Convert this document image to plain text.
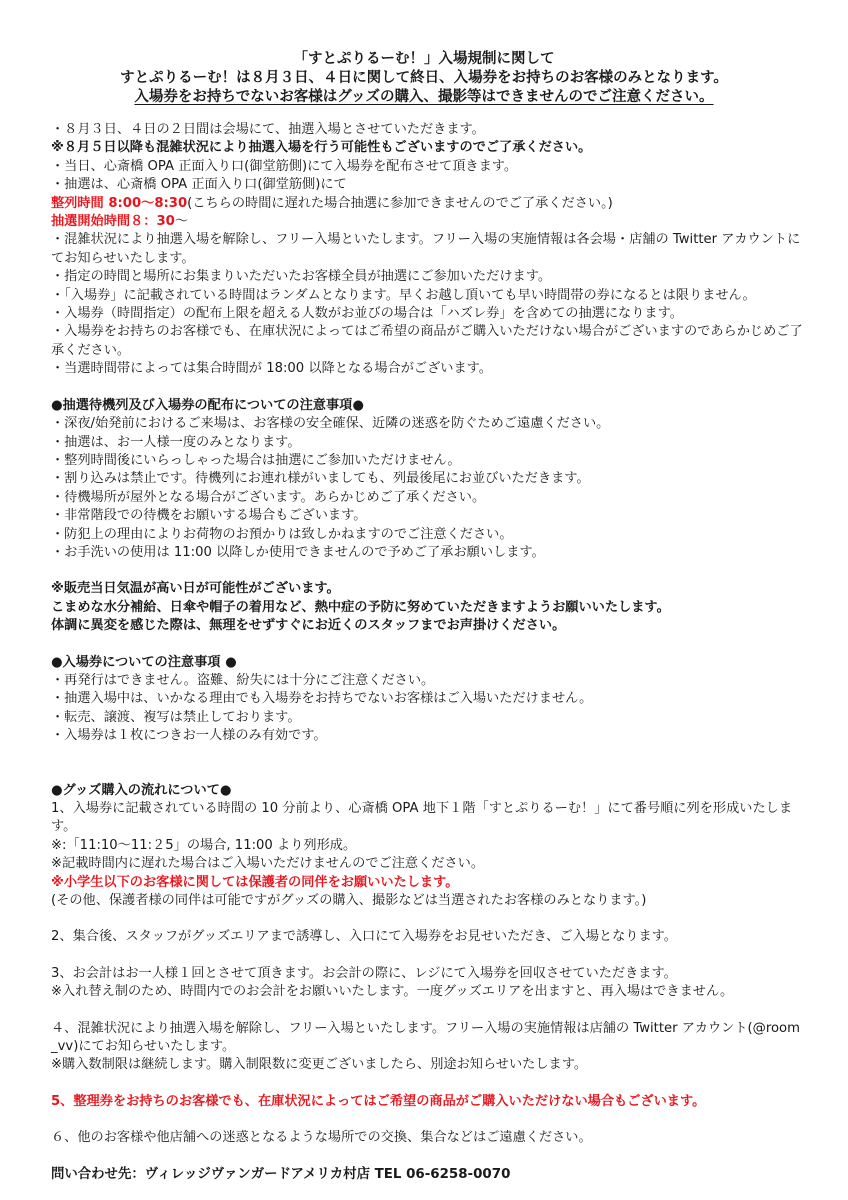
「すとぷりるーむ！」入場規制に関して
すとぷりるーむ！は８月３日、４日に関して終日、入場券をお持ちのお客様のみとなります。
入場券をお持ちでないお客様はグッズの購入、撮影等はできませんのでご注意ください。
・８月３日、４日の２日間は会場にて、抽選入場とさせていただきます。
※８月５日以降も混雑状況により抽選入場を行う可能性もございますのでご了承ください。
・当日、心斎橋 OPA 正面入り口(御堂筋側)にて入場券を配布させて頂きます。
・抽選は、心斎橋 OPA 正面入り口(御堂筋側)にて
整列時間 8:00〜8:30(こちらの時間に遅れた場合抽選に参加できませんのでご了承ください。)
抽選開始時間８：30〜
・混雑状況により抽選入場を解除し、フリー入場といたします。フリー入場の実施情報は各会場・店舗の Twitter アカウントにてお知らせいたします。
・指定の時間と場所にお集まりいただいたお客様全員が抽選にご参加いただけます。
・「入場券」に記載されている時間はランダムとなります。早くお越し頂いても早い時間帯の券になるとは限りません。
・入場券（時間指定）の配布上限を超える人数がお並びの場合は「ハズレ券」を含めての抽選になります。
・入場券をお持ちのお客様でも、在庫状況によってはご希望の商品がご購入いただけない場合がございますのであらかじめご了承ください。
・当選時間帯によっては集合時間が 18:00 以降となる場合がございます。
●抽選待機列及び入場券の配布についての注意事項●
・深夜/始発前におけるご来場は、お客様の安全確保、近隣の迷惑を防ぐためご遠慮ください。
・抽選は、お一人様一度のみとなります。
・整列時間後にいらっしゃった場合は抽選にご参加いただけません。
・割り込みは禁止です。待機列にお連れ様がいましても、列最後尾にお並びいただきます。
・待機場所が屋外となる場合がございます。あらかじめご了承ください。
・非常階段での待機をお願いする場合もございます。
・防犯上の理由によりお荷物のお預かりは致しかねますのでご注意ください。
・お手洗いの使用は 11:00 以降しか使用できませんので予めご了承お願いします。
※販売当日気温が高い日が可能性がございます。
こまめな水分補給、日傘や帽子の着用など、熱中症の予防に努めていただきますようお願いいたします。
体調に異変を感じた際は、無理をせずすぐにお近くのスタッフまでお声掛けください。
●入場券についての注意事項 ●
・再発行はできません。盗難、紛失には十分にご注意ください。
・抽選入場中は、いかなる理由でも入場券をお持ちでないお客様はご入場いただけません。
・転売、譲渡、複写は禁止しております。
・入場券は１枚につきお一人様のみ有効です。
●グッズ購入の流れについて●
1、入場券に記載されている時間の 10 分前より、心斎橋 OPA 地下１階「すとぷりるーむ！」にて番号順に列を形成いたします。
※:「11:10〜11:２5」の場合, 11:00 より列形成。
※記載時間内に遅れた場合はご入場いただけませんのでご注意ください。
※小学生以下のお客様に関しては保護者の同伴をお願いいたします。
(その他、保護者様の同伴は可能ですがグッズの購入、撮影などは当選されたお客様のみとなります。)
2、集合後、スタッフがグッズエリアまで誘導し、入口にて入場券をお見せいただき、ご入場となります。
3、お会計はお一人様１回とさせて頂きます。お会計の際に、レジにて入場券を回収させていただきます。
※入れ替え制のため、時間内でのお会計をお願いいたします。一度グッズエリアを出ますと、再入場はできません。
４、混雑状況により抽選入場を解除し、フリー入場といたします。フリー入場の実施情報は店舗の Twitter アカウント(@room_vv)にてお知らせいたします。
※購入数制限は継続します。購入制限数に変更ございましたら、別途お知らせいたします。
5、整理券をお持ちのお客様でも、在庫状況によってはご希望の商品がご購入いただけない場合もございます。
６、他のお客様や他店舗への迷惑となるような場所での交換、集合などはご遠慮ください。
問い合わせ先：ヴィレッジヴァンガードアメリカ村店 TEL 06-6258-0070
